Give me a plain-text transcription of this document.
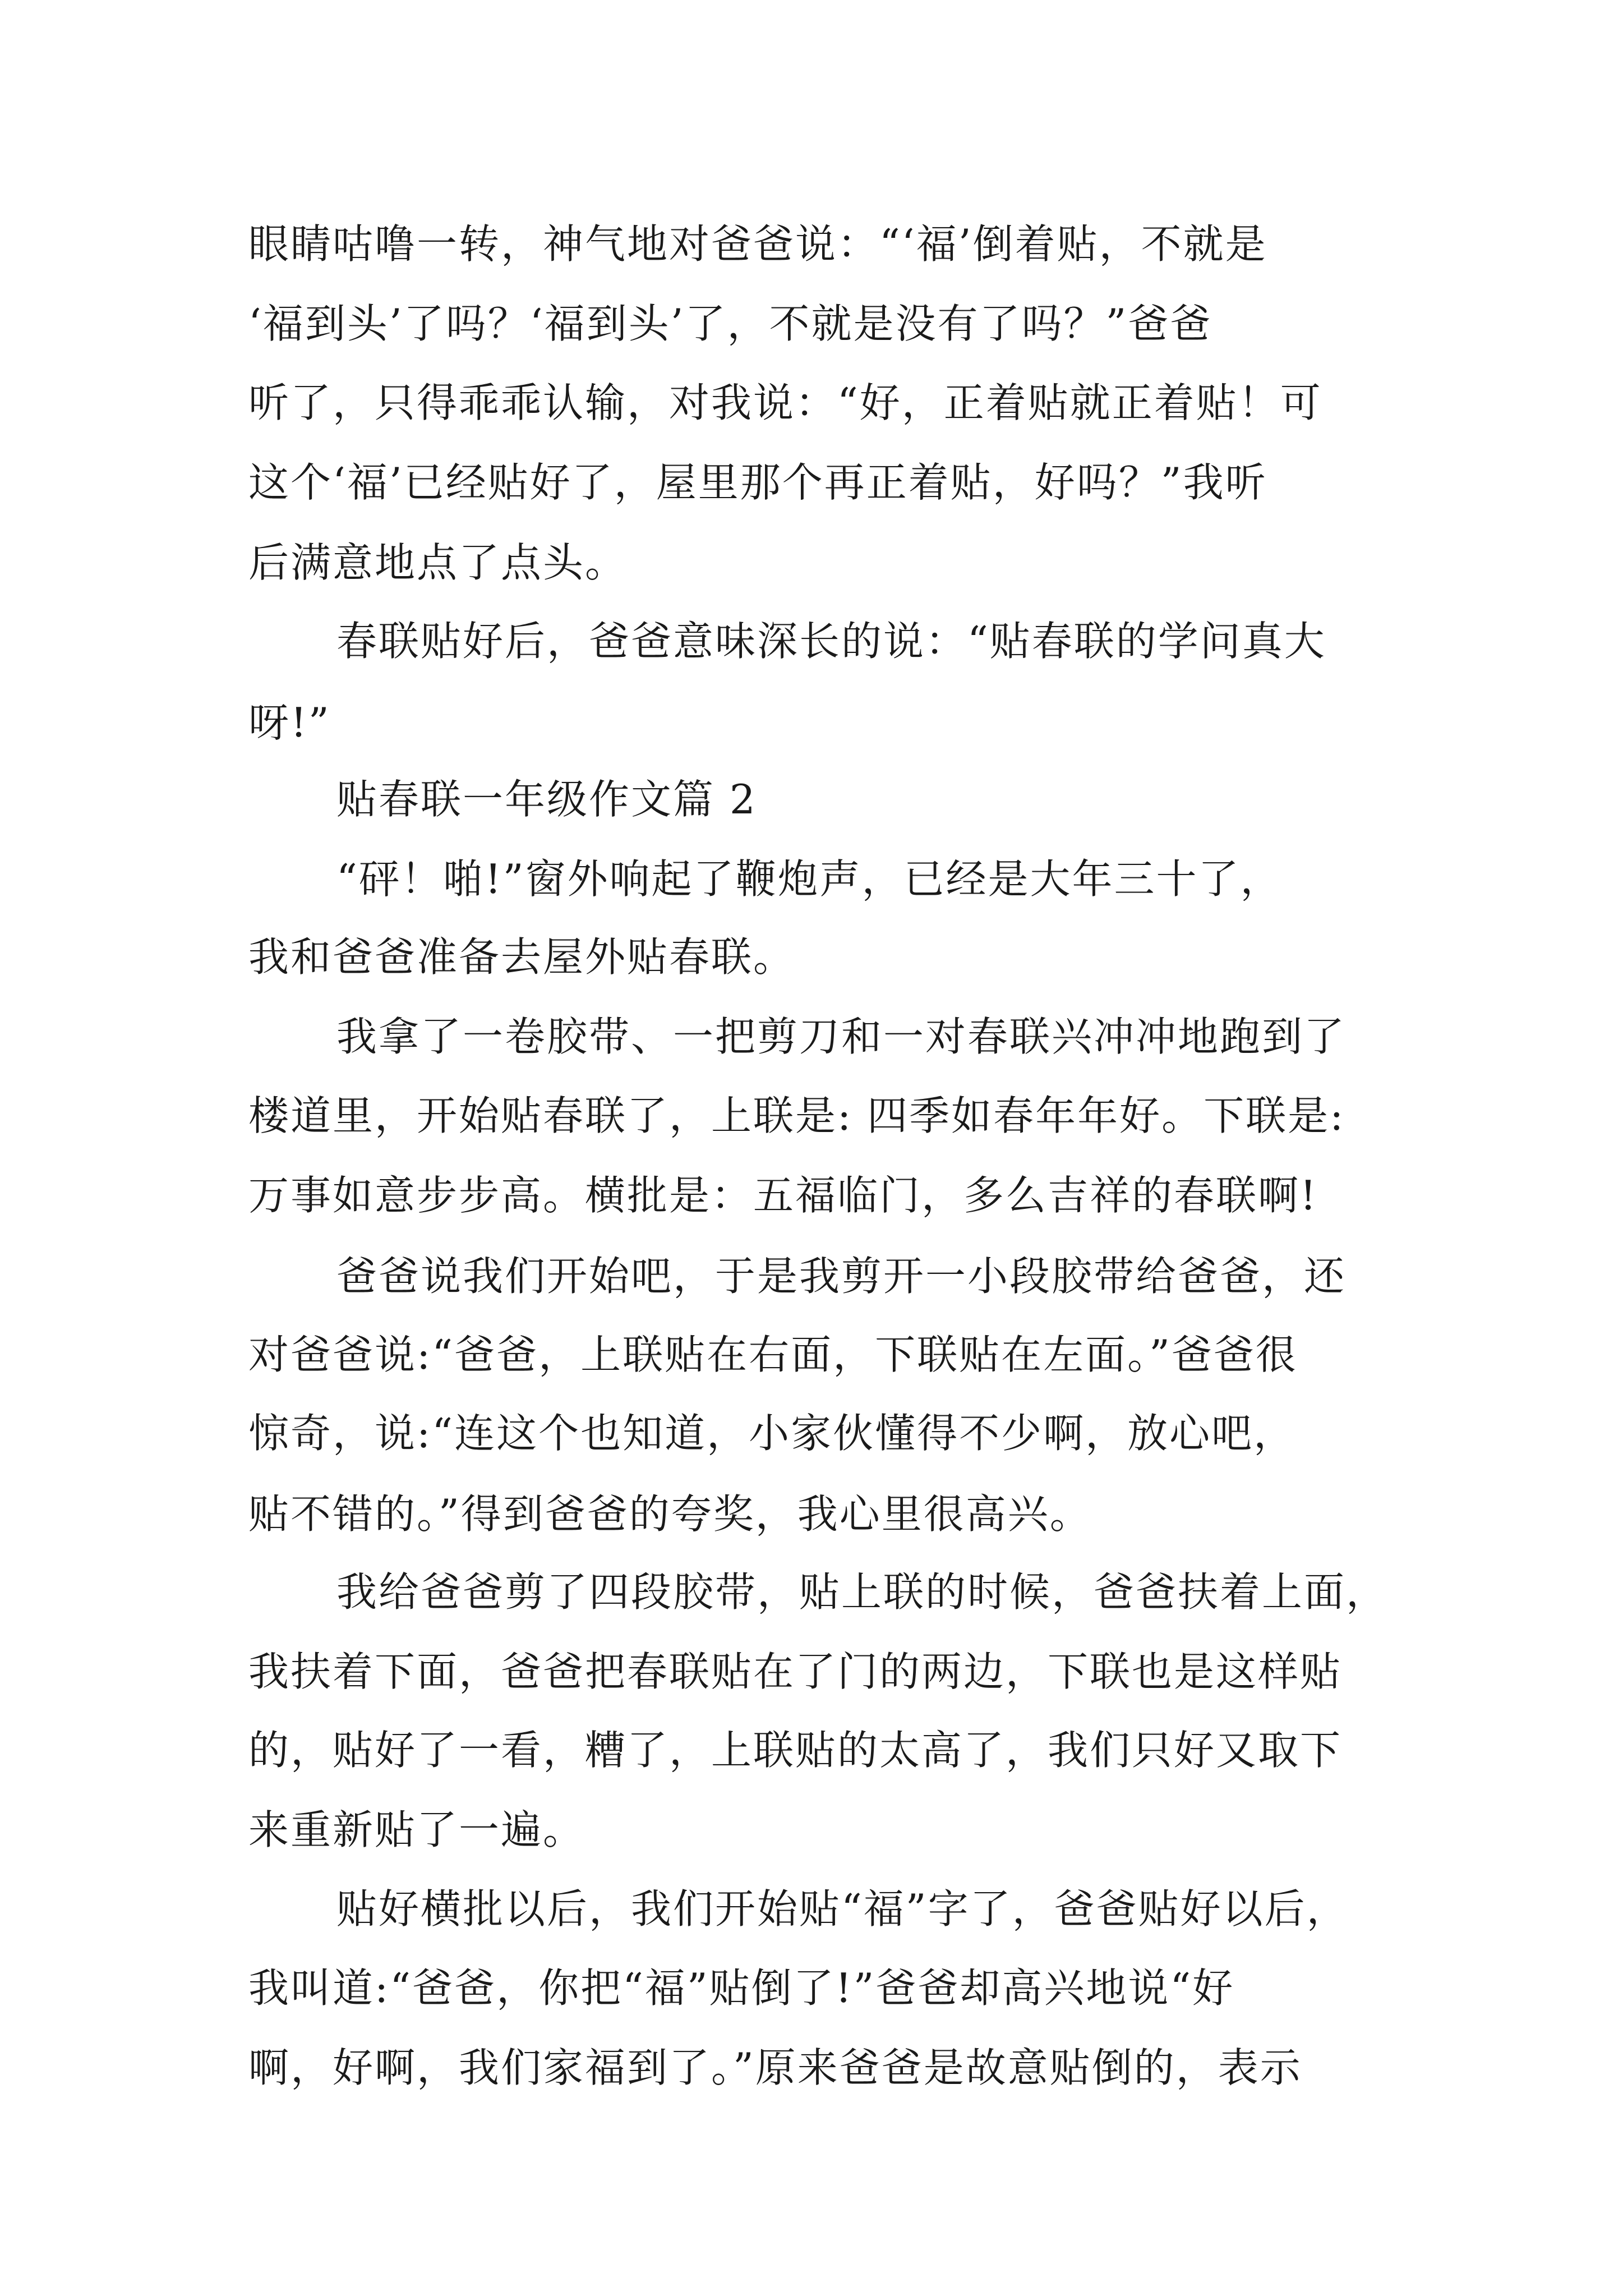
眼睛咕噜一转，神气地对爸爸说：“‘福’倒着贴，不就是
‘福到头’了吗？‘福到头’了，不就是没有了吗？”爸爸
听了，只得乖乖认输，对我说：“好，正着贴就正着贴！可
这个‘福’已经贴好了，屋里那个再正着贴，好吗？”我听
后满意地点了点头。
春联贴好后，爸爸意味深长的说：“贴春联的学问真大
呀!”
贴春联一年级作文篇 2
“砰！啪!”窗外响起了鞭炮声，已经是大年三十了，
我和爸爸准备去屋外贴春联。
我拿了一卷胶带、一把剪刀和一对春联兴冲冲地跑到了
楼道里，开始贴春联了，上联是: 四季如春年年好。下联是:
万事如意步步高。横批是：五福临门，多么吉祥的春联啊!
爸爸说我们开始吧，于是我剪开一小段胶带给爸爸，还
对爸爸说:“爸爸，上联贴在右面，下联贴在左面。”爸爸很
惊奇，说:“连这个也知道，小家伙懂得不少啊，放心吧，
贴不错的。”得到爸爸的夸奖，我心里很高兴。
我给爸爸剪了四段胶带，贴上联的时候，爸爸扶着上面，
我扶着下面，爸爸把春联贴在了门的两边，下联也是这样贴
的，贴好了一看，糟了，上联贴的太高了，我们只好又取下
来重新贴了一遍。
贴好横批以后，我们开始贴“福”字了，爸爸贴好以后，
我叫道:“爸爸，你把“福”贴倒了!”爸爸却高兴地说“好
啊，好啊，我们家福到了。”原来爸爸是故意贴倒的，表示
